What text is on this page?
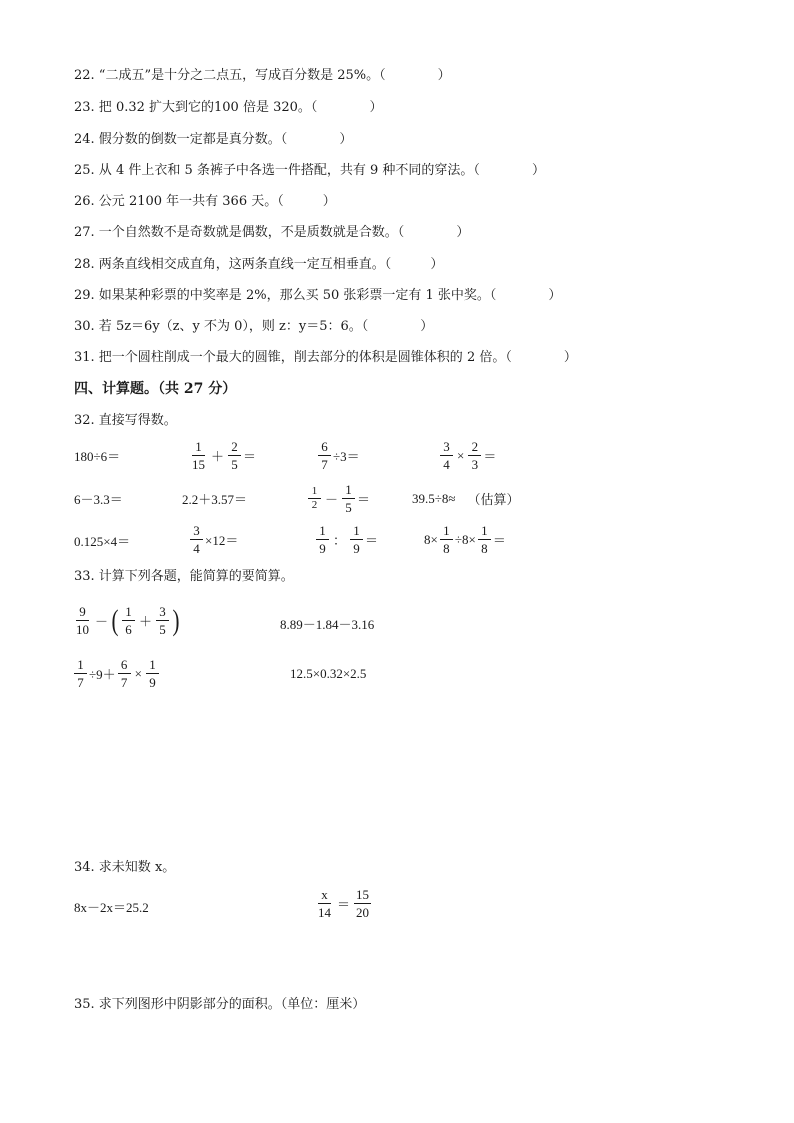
22. “二成五”是十分之二点五，写成百分数是 25%。（　　　　	）
23. 把 0.32 扩大到它的100 倍是 320。（　　　　	）
24. 假分数的倒数一定都是真分数。（　　　　	）
25. 从 4 件上衣和 5 条裤子中各选一件搭配，共有 9 种不同的穿法。（　　　　	）
26. 公元 2100 年一共有 366 天。（　　　	）
27. 一个自然数不是奇数就是偶数，不是质数就是合数。（　　　　	）
28. 两条直线相交成直角，这两条直线一定互相垂直。（　　　	）
29. 如果某种彩票的中奖率是 2%，那么买 50 张彩票一定有 1 张中奖。（　　　　	）
30. 若 5z＝6y（z、y 不为 0），则 z：y＝5：6。（　　　　	）
31. 把一个圆柱削成一个最大的圆锥，削去部分的体积是圆锥体积的 2 倍。（　　　　	）
四、计算题。（共 27 分）
32. 直接写得数。
180÷6＝	$\frac{1}{15} + \frac{2}{5}$ ＝	$\frac{6}{7} \div 3=$	$\frac{3}{4} \times \frac{2}{3}$ ＝
6－3.3＝	2.2＋3.57＝	$\frac{1}{2} - \frac{1}{5}$ ＝	39.5÷8≈ （估算）
0.125×4＝	$\frac{3}{4} \times 12=$	$\frac{1}{9}$ ： $\frac{1}{9}$ ＝	$8\times \frac{1}{8} \div 8\times \frac{1}{8}$ ＝
33. 计算下列各题，能简算的要简算。
$\frac{9}{10}$ － ( $\frac{1}{6} + \frac{3}{5}$ )	8.89－1.84－3.16
$\frac{1}{7} \div 9+ \frac{6}{7} \times \frac{1}{9}$	12.5×0.32×2.5
34. 求未知数 x。
8x－2x＝25.2	$\frac{x}{14} = \frac{15}{20}$
35. 求下列图形中阴影部分的面积。（单位：厘米）
